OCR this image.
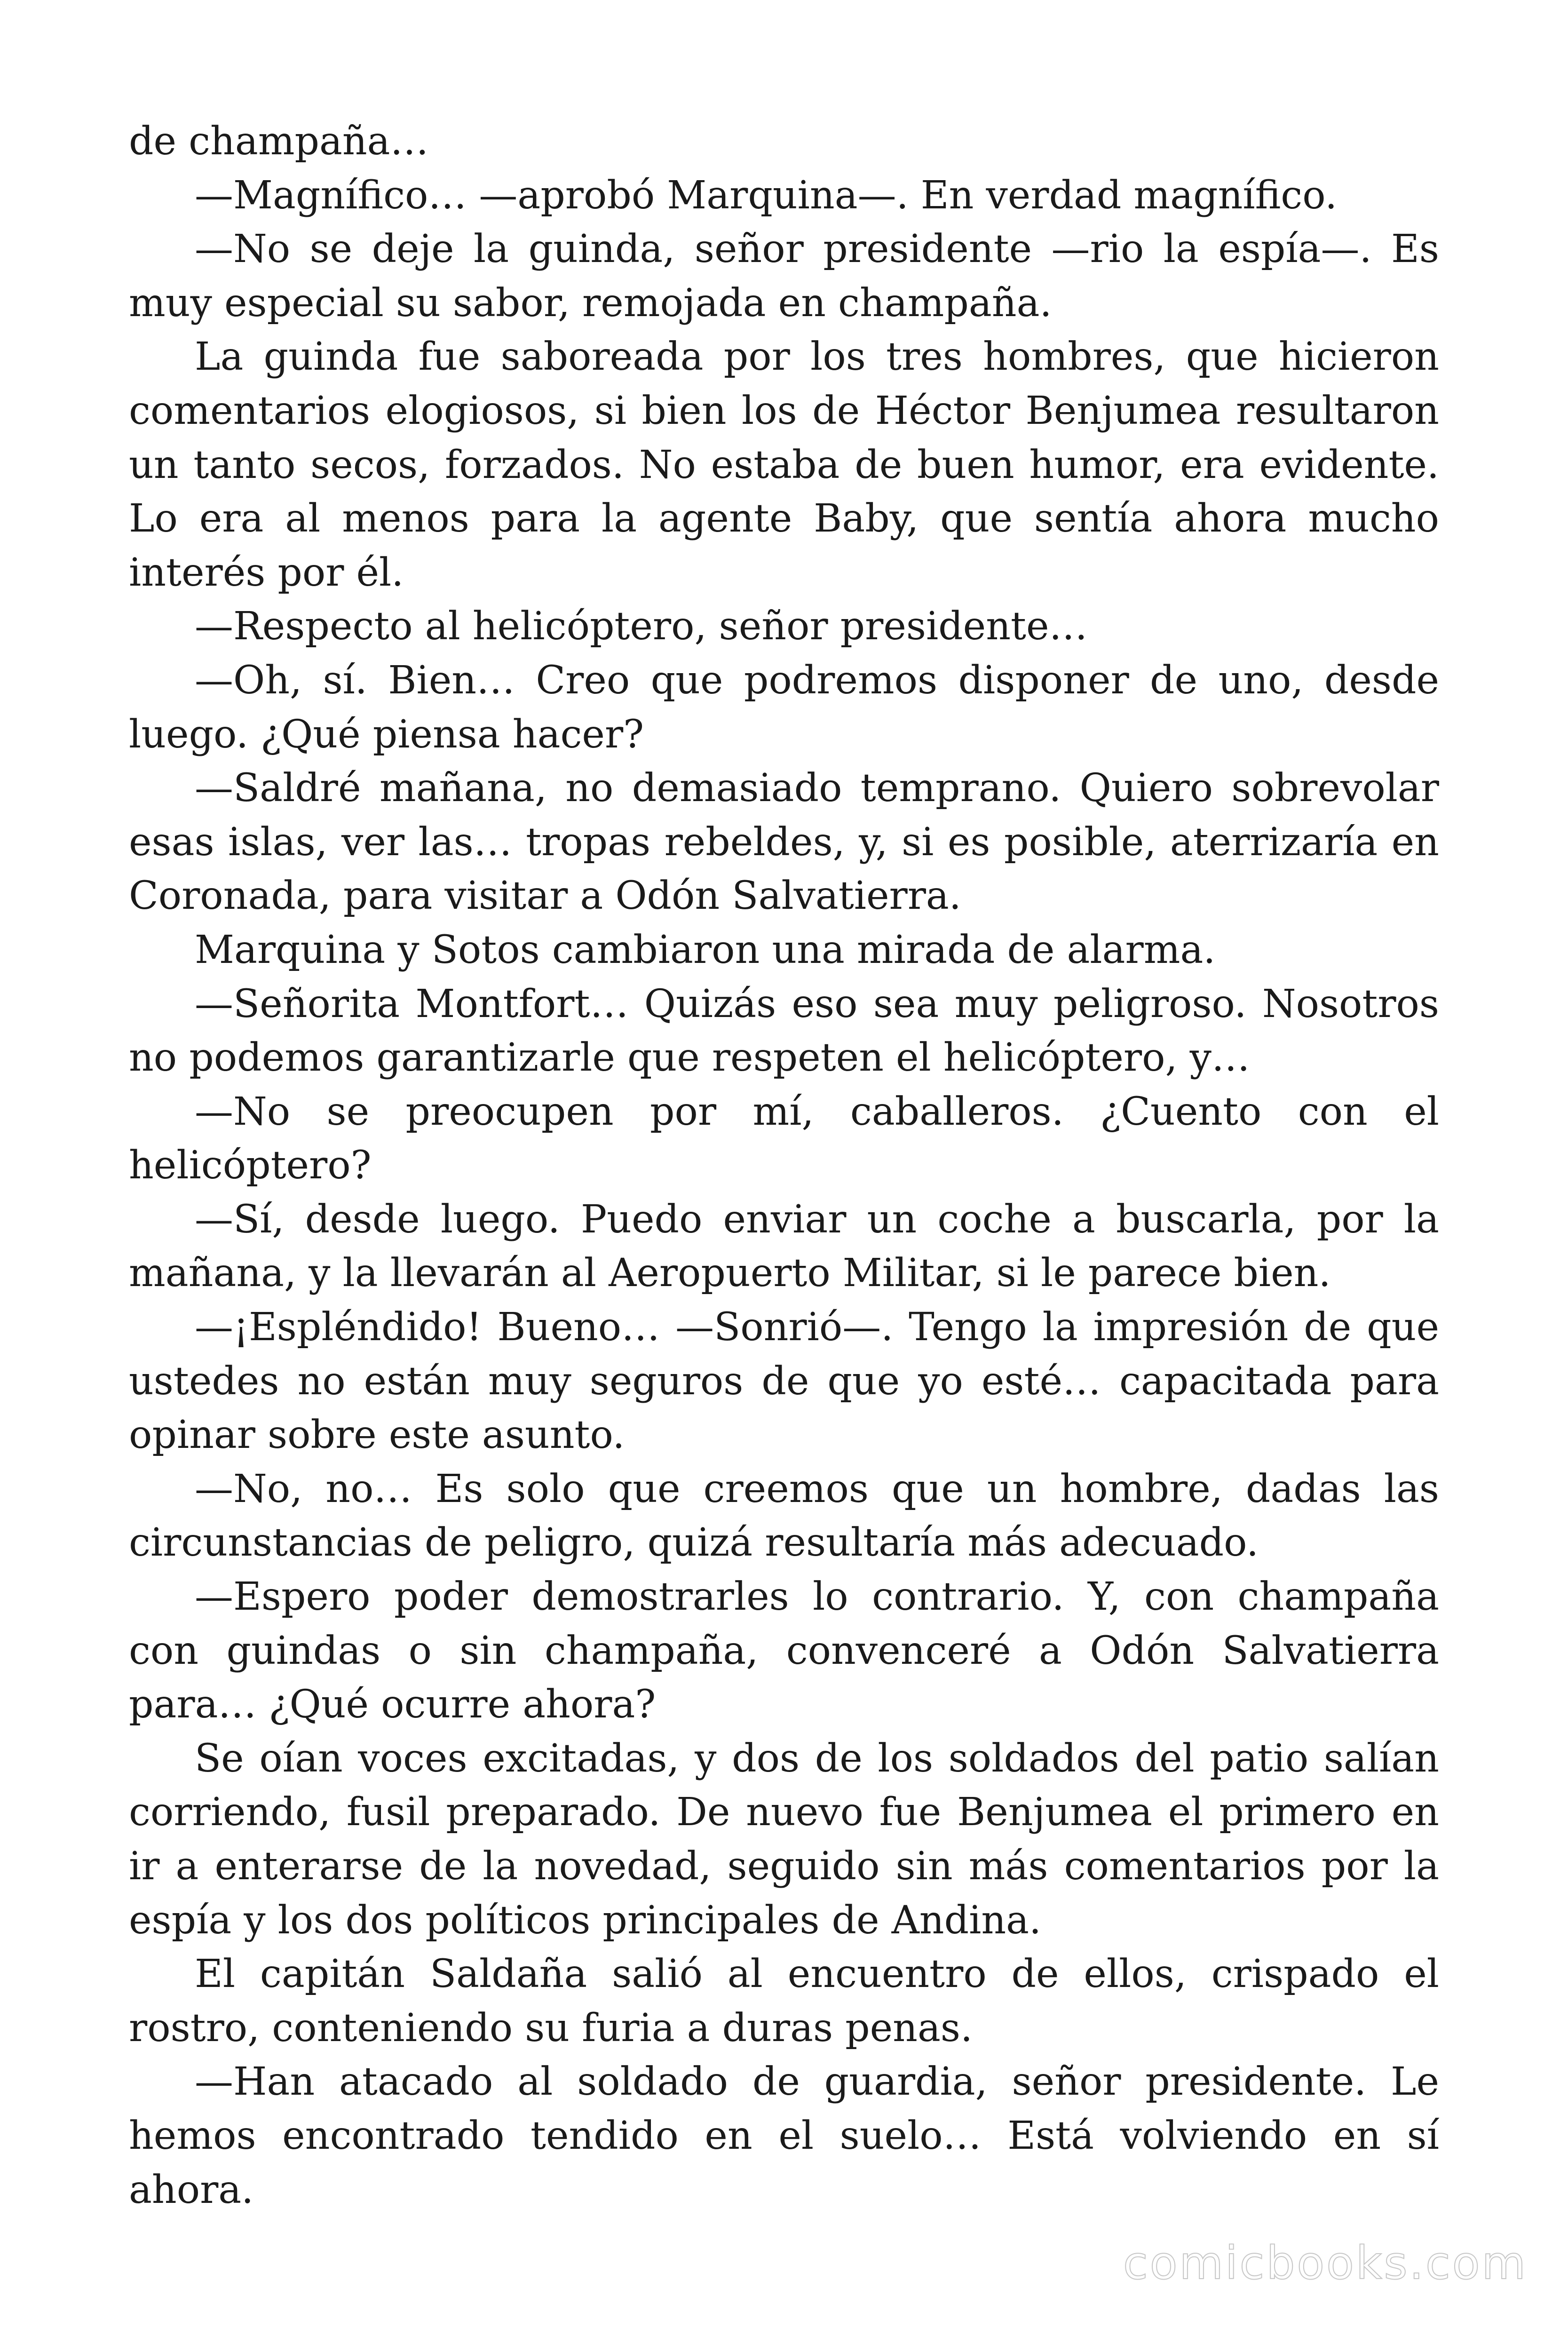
de champaña…

—Magnífico… —aprobó Marquina—. En verdad magnífico.

—No se deje la guinda, señor presidente —rio la espía—. Es muy especial su sabor, remojada en champaña.

La guinda fue saboreada por los tres hombres, que hicieron comentarios elogiosos, si bien los de Héctor Benjumea resultaron un tanto secos, forzados. No estaba de buen humor, era evidente. Lo era al menos para la agente Baby, que sentía ahora mucho interés por él.

—Respecto al helicóptero, señor presidente…

—Oh, sí. Bien… Creo que podremos disponer de uno, desde luego. ¿Qué piensa hacer?

—Saldré mañana, no demasiado temprano. Quiero sobrevolar esas islas, ver las… tropas rebeldes, y, si es posible, aterrizaría en Coronada, para visitar a Odón Salvatierra.

Marquina y Sotos cambiaron una mirada de alarma.

—Señorita Montfort… Quizás eso sea muy peligroso. Nosotros no podemos garantizarle que respeten el helicóptero, y…

—No se preocupen por mí, caballeros. ¿Cuento con el helicóptero?

—Sí, desde luego. Puedo enviar un coche a buscarla, por la mañana, y la llevarán al Aeropuerto Militar, si le parece bien.

—¡Espléndido! Bueno… —Sonrió—. Tengo la impresión de que ustedes no están muy seguros de que yo esté… capacitada para opinar sobre este asunto.

—No, no… Es solo que creemos que un hombre, dadas las circunstancias de peligro, quizá resultaría más adecuado.

—Espero poder demostrarles lo contrario. Y, con champaña con guindas o sin champaña, convenceré a Odón Salvatierra para… ¿Qué ocurre ahora?

Se oían voces excitadas, y dos de los soldados del patio salían corriendo, fusil preparado. De nuevo fue Benjumea el primero en ir a enterarse de la novedad, seguido sin más comentarios por la espía y los dos políticos principales de Andina.

El capitán Saldaña salió al encuentro de ellos, crispado el rostro, conteniendo su furia a duras penas.

—Han atacado al soldado de guardia, señor presidente. Le hemos encontrado tendido en el suelo… Está volviendo en sí ahora.

comicbooks.com
